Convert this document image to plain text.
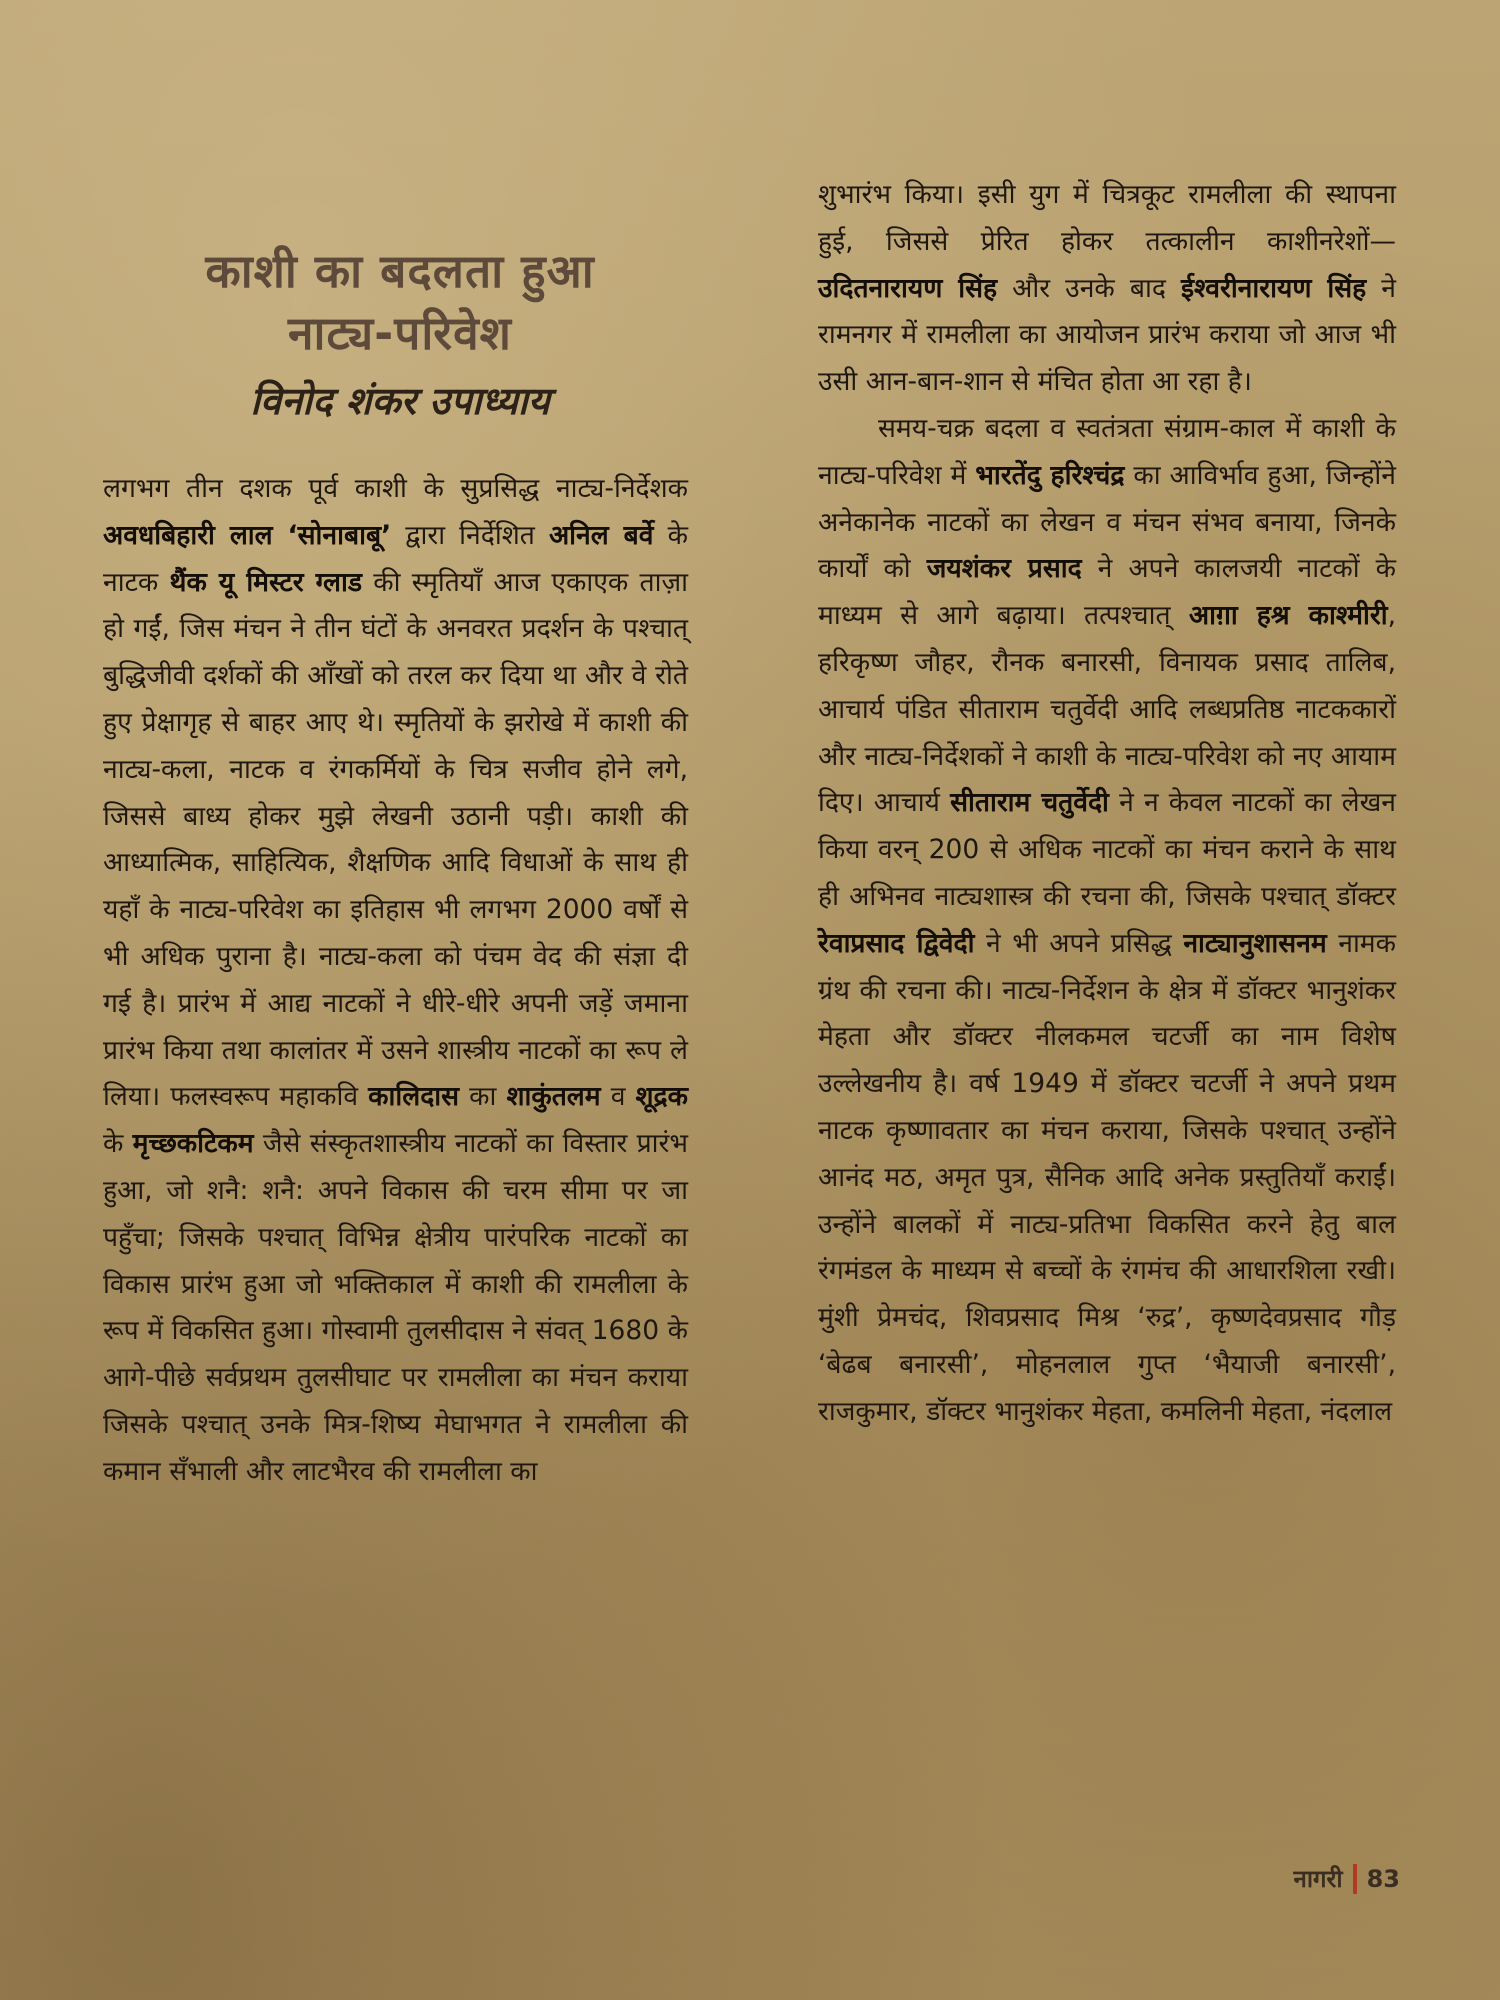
काशी का बदलता हुआ
नाट्य-परिवेश
विनोद शंकर उपाध्याय

लगभग तीन दशक पूर्व काशी के सुप्रसिद्ध नाट्य-निर्देशक अवधबिहारी लाल ‘सोनाबाबू’ द्वारा निर्देशित अनिल बर्वे के नाटक थैंक यू मिस्टर ग्लाड की स्मृतियाँ आज एकाएक ताज़ा हो गईं, जिस मंचन ने तीन घंटों के अनवरत प्रदर्शन के पश्चात् बुद्धिजीवी दर्शकों की आँखों को तरल कर दिया था और वे रोते हुए प्रेक्षागृह से बाहर आए थे। स्मृतियों के झरोखे में काशी की नाट्य-कला, नाटक व रंगकर्मियों के चित्र सजीव होने लगे, जिससे बाध्य होकर मुझे लेखनी उठानी पड़ी। काशी की आध्यात्मिक, साहित्यिक, शैक्षणिक आदि विधाओं के साथ ही यहाँ के नाट्य-परिवेश का इतिहास भी लगभग 2000 वर्षों से भी अधिक पुराना है। नाट्य-कला को पंचम वेद की संज्ञा दी गई है। प्रारंभ में आद्य नाटकों ने धीरे-धीरे अपनी जड़ें जमाना प्रारंभ किया तथा कालांतर में उसने शास्त्रीय नाटकों का रूप ले लिया। फलस्वरूप महाकवि कालिदास का शाकुंतलम व शूद्रक के मृच्छकटिकम जैसे संस्कृतशास्त्रीय नाटकों का विस्तार प्रारंभ हुआ, जो शनै: शनै: अपने विकास की चरम सीमा पर जा पहुँचा; जिसके पश्चात् विभिन्न क्षेत्रीय पारंपरिक नाटकों का विकास प्रारंभ हुआ जो भक्तिकाल में काशी की रामलीला के रूप में विकसित हुआ। गोस्वामी तुलसीदास ने संवत् 1680 के आगे-पीछे सर्वप्रथम तुलसीघाट पर रामलीला का मंचन कराया जिसके पश्चात् उनके मित्र-शिष्य मेघाभगत ने रामलीला की कमान सँभाली और लाटभैरव की रामलीला का

शुभारंभ किया। इसी युग में चित्रकूट रामलीला की स्थापना हुई, जिससे प्रेरित होकर तत्कालीन काशीनरेशों—उदितनारायण सिंह और उनके बाद ईश्वरीनारायण सिंह ने रामनगर में रामलीला का आयोजन प्रारंभ कराया जो आज भी उसी आन-बान-शान से मंचित होता आ रहा है।

समय-चक्र बदला व स्वतंत्रता संग्राम-काल में काशी के नाट्य-परिवेश में भारतेंदु हरिश्चंद्र का आविर्भाव हुआ, जिन्होंने अनेकानेक नाटकों का लेखन व मंचन संभव बनाया, जिनके कार्यों को जयशंकर प्रसाद ने अपने कालजयी नाटकों के माध्यम से आगे बढ़ाया। तत्पश्चात् आग़ा हश्र काश्मीरी, हरिकृष्ण जौहर, रौनक बनारसी, विनायक प्रसाद तालिब, आचार्य पंडित सीताराम चतुर्वेदी आदि लब्धप्रतिष्ठ नाटककारों और नाट्य-निर्देशकों ने काशी के नाट्य-परिवेश को नए आयाम दिए। आचार्य सीताराम चतुर्वेदी ने न केवल नाटकों का लेखन किया वरन् 200 से अधिक नाटकों का मंचन कराने के साथ ही अभिनव नाट्यशास्त्र की रचना की, जिसके पश्चात् डॉक्टर रेवाप्रसाद द्विवेदी ने भी अपने प्रसिद्ध नाट्यानुशासनम नामक ग्रंथ की रचना की। नाट्य-निर्देशन के क्षेत्र में डॉक्टर भानुशंकर मेहता और डॉक्टर नीलकमल चटर्जी का नाम विशेष उल्लेखनीय है। वर्ष 1949 में डॉक्टर चटर्जी ने अपने प्रथम नाटक कृष्णावतार का मंचन कराया, जिसके पश्चात् उन्होंने आनंद मठ, अमृत पुत्र, सैनिक आदि अनेक प्रस्तुतियाँ कराईं। उन्होंने बालकों में नाट्य-प्रतिभा विकसित करने हेतु बाल रंगमंडल के माध्यम से बच्चों के रंगमंच की आधारशिला रखी। मुंशी प्रेमचंद, शिवप्रसाद मिश्र ‘रुद्र’, कृष्णदेवप्रसाद गौड़ ‘बेढब बनारसी’, मोहनलाल गुप्त ‘भैयाजी बनारसी’, राजकुमार, डॉक्टर भानुशंकर मेहता, कमलिनी मेहता, नंदलाल

नागरी 83
